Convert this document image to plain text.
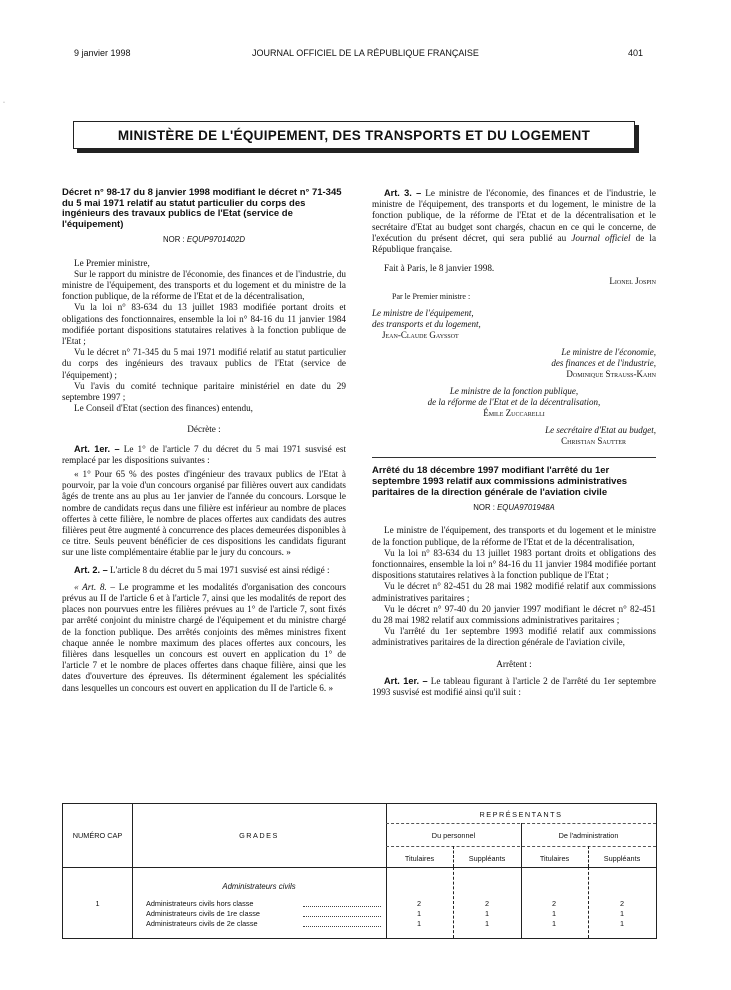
·
9 janvier 1998	JOURNAL OFFICIEL DE LA RÉPUBLIQUE FRANÇAISE	401
MINISTÈRE DE L'ÉQUIPEMENT, DES TRANSPORTS ET DU LOGEMENT

Décret n° 98-17 du 8 janvier 1998 modifiant le décret n° 71-345 du 5 mai 1971 relatif au statut particulier du corps des ingénieurs des travaux publics de l'Etat (service de l'équipement)

NOR : EQUP9701402D

Le Premier ministre,

Sur le rapport du ministre de l'économie, des finances et de l'industrie, du ministre de l'équipement, des transports et du logement et du ministre de la fonction publique, de la réforme de l'Etat et de la décentralisation,

Vu la loi n° 83-634 du 13 juillet 1983 modifiée portant droits et obligations des fonctionnaires, ensemble la loi n° 84-16 du 11 janvier 1984 modifiée portant dispositions statutaires relatives à la fonction publique de l'Etat ;

Vu le décret n° 71-345 du 5 mai 1971 modifié relatif au statut particulier du corps des ingénieurs des travaux publics de l'Etat (service de l'équipement) ;

Vu l'avis du comité technique paritaire ministériel en date du 29 septembre 1997 ;

Le Conseil d'Etat (section des finances) entendu,

Décrète :

Art. 1er. – Le 1° de l'article 7 du décret du 5 mai 1971 susvisé est remplacé par les dispositions suivantes :

« 1° Pour 65 % des postes d'ingénieur des travaux publics de l'Etat à pourvoir, par la voie d'un concours organisé par filières ouvert aux candidats âgés de trente ans au plus au 1er janvier de l'année du concours. Lorsque le nombre de candidats reçus dans une filière est inférieur au nombre de places offertes à cette filière, le nombre de places offertes aux candidats des autres filières peut être augmenté à concurrence des places demeurées disponibles à ce titre. Seuls peuvent bénéficier de ces dispositions les candidats figurant sur une liste complémentaire établie par le jury du concours. »

Art. 2. – L'article 8 du décret du 5 mai 1971 susvisé est ainsi rédigé :

« Art. 8. – Le programme et les modalités d'organisation des concours prévus au II de l'article 6 et à l'article 7, ainsi que les modalités de report des places non pourvues entre les filières prévues au 1° de l'article 7, sont fixés par arrêté conjoint du ministre chargé de l'équipement et du ministre chargé de la fonction publique. Des arrêtés conjoints des mêmes ministres fixent chaque année le nombre maximum des places offertes aux concours, les filières dans lesquelles un concours est ouvert en application du 1° de l'article 7 et le nombre de places offertes dans chaque filière, ainsi que les dates d'ouverture des épreuves. Ils déterminent également les spécialités dans lesquelles un concours est ouvert en application du II de l'article 6. »

Art. 3. – Le ministre de l'économie, des finances et de l'industrie, le ministre de l'équipement, des transports et du logement, le ministre de la fonction publique, de la réforme de l'Etat et de la décentralisation et le secrétaire d'Etat au budget sont chargés, chacun en ce qui le concerne, de l'exécution du présent décret, qui sera publié au Journal officiel de la République française.

Fait à Paris, le 8 janvier 1998.

Lionel Jospin

Par le Premier ministre :

Le ministre de l'équipement,
des transports et du logement,
Jean-Claude Gayssot
Le ministre de l'économie,
des finances et de l'industrie,
Dominique Strauss-Kahn
Le ministre de la fonction publique,
de la réforme de l'Etat et de la décentralisation,
Émile Zuccarelli
Le secrétaire d'Etat au budget,
Christian Sautter

Arrêté du 18 décembre 1997 modifiant l'arrêté du 1er septembre 1993 relatif aux commissions administratives paritaires de la direction générale de l'aviation civile

NOR : EQUA9701948A

Le ministre de l'équipement, des transports et du logement et le ministre de la fonction publique, de la réforme de l'Etat et de la décentralisation,

Vu la loi n° 83-634 du 13 juillet 1983 portant droits et obligations des fonctionnaires, ensemble la loi n° 84-16 du 11 janvier 1984 modifiée portant dispositions statutaires relatives à la fonction publique de l'Etat ;

Vu le décret n° 82-451 du 28 mai 1982 modifié relatif aux commissions administratives paritaires ;

Vu le décret n° 97-40 du 20 janvier 1997 modifiant le décret n° 82-451 du 28 mai 1982 relatif aux commissions administratives paritaires ;

Vu l'arrêté du 1er septembre 1993 modifié relatif aux commissions administratives paritaires de la direction générale de l'aviation civile,

Arrêtent :

Art. 1er. – Le tableau figurant à l'article 2 de l'arrêté du 1er septembre 1993 susvisé est modifié ainsi qu'il suit :

NUMÉRO CAP	GRADES
REPRÉSENTANTS
Du personnel	De l'administration
Titulaires	Suppléants	Titulaires	Suppléants
Administrateurs civils
1	Administrateurs civils hors classe	2	2	2	2
Administrateurs civils de 1re classe	1	1	1	1
Administrateurs civils de 2e classe	1	1	1	1
